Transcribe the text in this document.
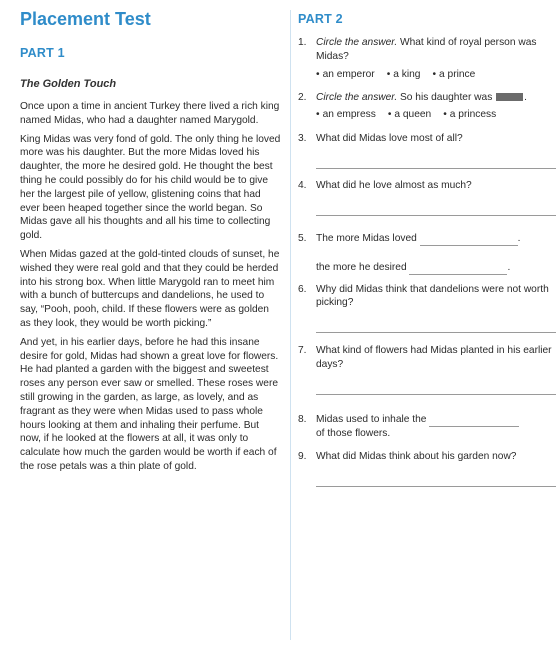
Placement Test
PART 1
The Golden Touch

Once upon a time in ancient Turkey there lived a rich king named Midas, who had a daughter named Marygold.

King Midas was very fond of gold. The only thing he loved more was his daughter. But the more Midas loved his daughter, the more he desired gold. He thought the best thing he could possibly do for his child would be to give her the largest pile of yellow, glistening coins that had ever been heaped together since the world began. So Midas gave all his thoughts and all his time to collecting gold.

When Midas gazed at the gold-tinted clouds of sunset, he wished they were real gold and that they could be herded into his strong box. When little Marygold ran to meet him with a bunch of buttercups and dandelions, he used to say, “Pooh, pooh, child. If these flowers were as golden as they look, they would be worth picking.”

And yet, in his earlier days, before he had this insane desire for gold, Midas had shown a great love for flowers. He had planted a garden with the biggest and sweetest roses any person ever saw or smelled. These roses were still growing in the garden, as large, as lovely, and as fragrant as they were when Midas used to pass whole hours looking at them and inhaling their perfume. But now, if he looked at the flowers at all, it was only to calculate how much the garden would be worth if each of the rose petals was a thin plate of gold.

PART 2
1. Circle the answer. What kind of royal person was Midas?
• an emperor • a king • a prince
2. Circle the answer. So his daughter was	.
• an empress • a queen • a princess
3. What did Midas love most of all?
4. What did he love almost as much?
5. The more Midas loved	.
the more he desired	.
6. Why did Midas think that dandelions were not worth picking?
7. What kind of flowers had Midas planted in his earlier days?
8. Midas used to inhale the
of those flowers.
9. What did Midas think about his garden now?
